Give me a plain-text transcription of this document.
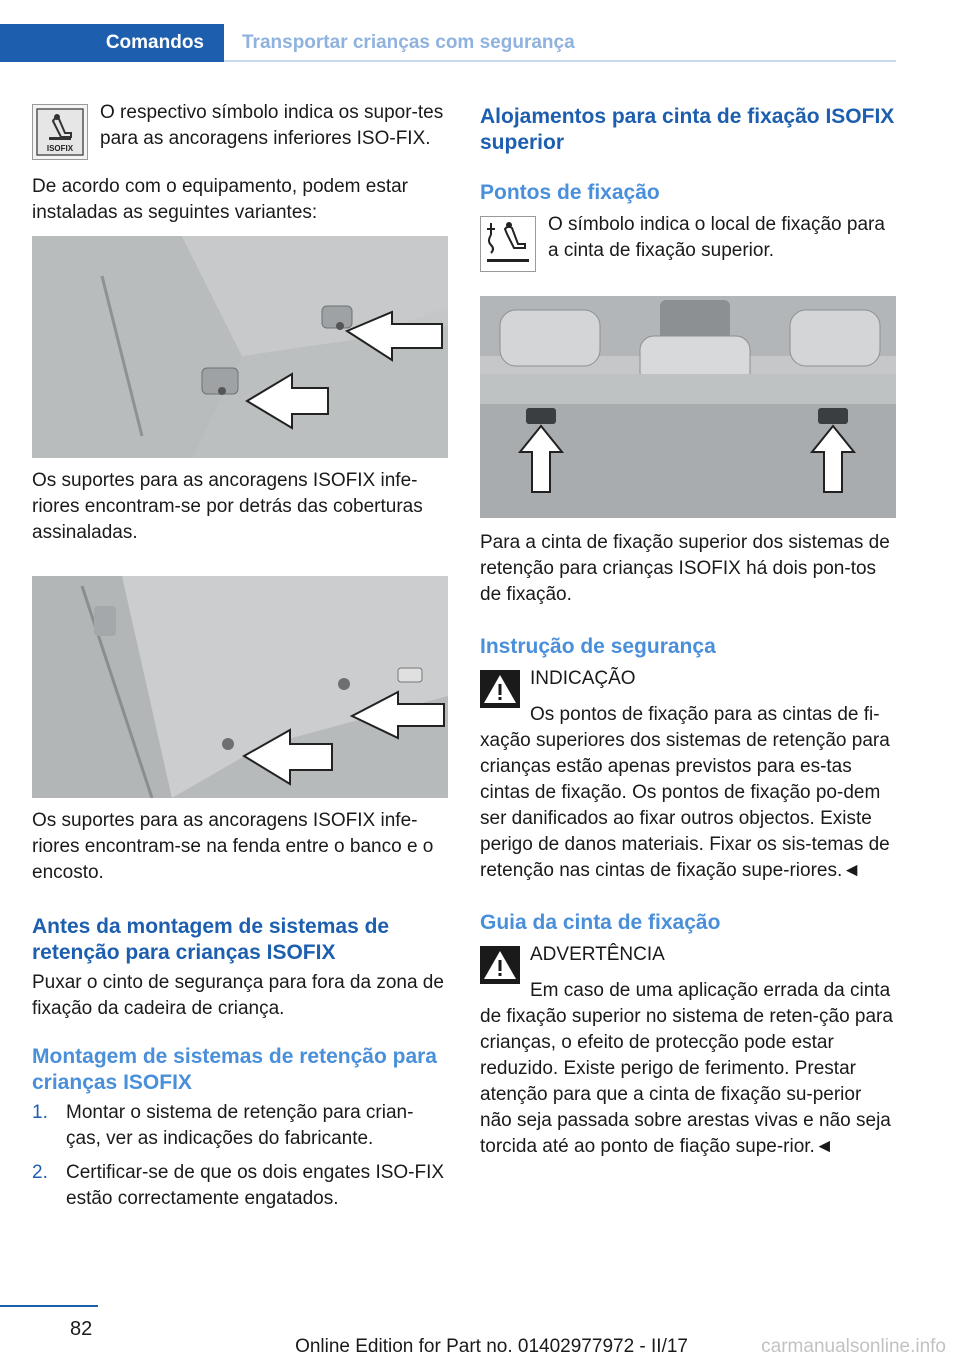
Comandos	Transportar crianças com segurança
ISOFIX

O respectivo símbolo indica os supor‐tes para as ancoragens inferiores ISO‐FIX.

De acordo com o equipamento, podem estar instaladas as seguintes variantes:

Os suportes para as ancoragens ISOFIX infe‐riores encontram‐se por detrás das coberturas assinaladas.

Os suportes para as ancoragens ISOFIX infe‐riores encontram‐se na fenda entre o banco e o encosto.

Antes da montagem de sistemas de retenção para crianças ISOFIX

Puxar o cinto de segurança para fora da zona de fixação da cadeira de criança.

Montagem de sistemas de retenção para crianças ISOFIX
1. Montar o sistema de retenção para crian‐ças, ver as indicações do fabricante.
2. Certificar‐se de que os dois engates ISO‐FIX estão correctamente engatados.
Alojamentos para cinta de fixação ISOFIX superior
Pontos de fixação

O símbolo indica o local de fixação para a cinta de fixação superior.

Para a cinta de fixação superior dos sistemas de retenção para crianças ISOFIX há dois pon‐tos de fixação.

Instrução de segurança

INDICAÇÃO

Os pontos de fixação para as cintas de fi‐xação superiores dos sistemas de retenção para crianças estão apenas previstos para es‐tas cintas de fixação. Os pontos de fixação po‐dem ser danificados ao fixar outros objectos. Existe perigo de danos materiais. Fixar os sis‐temas de retenção nas cintas de fixação supe‐riores.◄

Guia da cinta de fixação

ADVERTÊNCIA

Em caso de uma aplicação errada da cinta de fixação superior no sistema de reten‐ção para crianças, o efeito de protecção pode estar reduzido. Existe perigo de ferimento. Prestar atenção para que a cinta de fixação su‐perior não seja passada sobre arestas vivas e não seja torcida até ao ponto de fiação supe‐rior.◄

82
Online Edition for Part no. 01402977972 - II/17	carmanualsonline.info
